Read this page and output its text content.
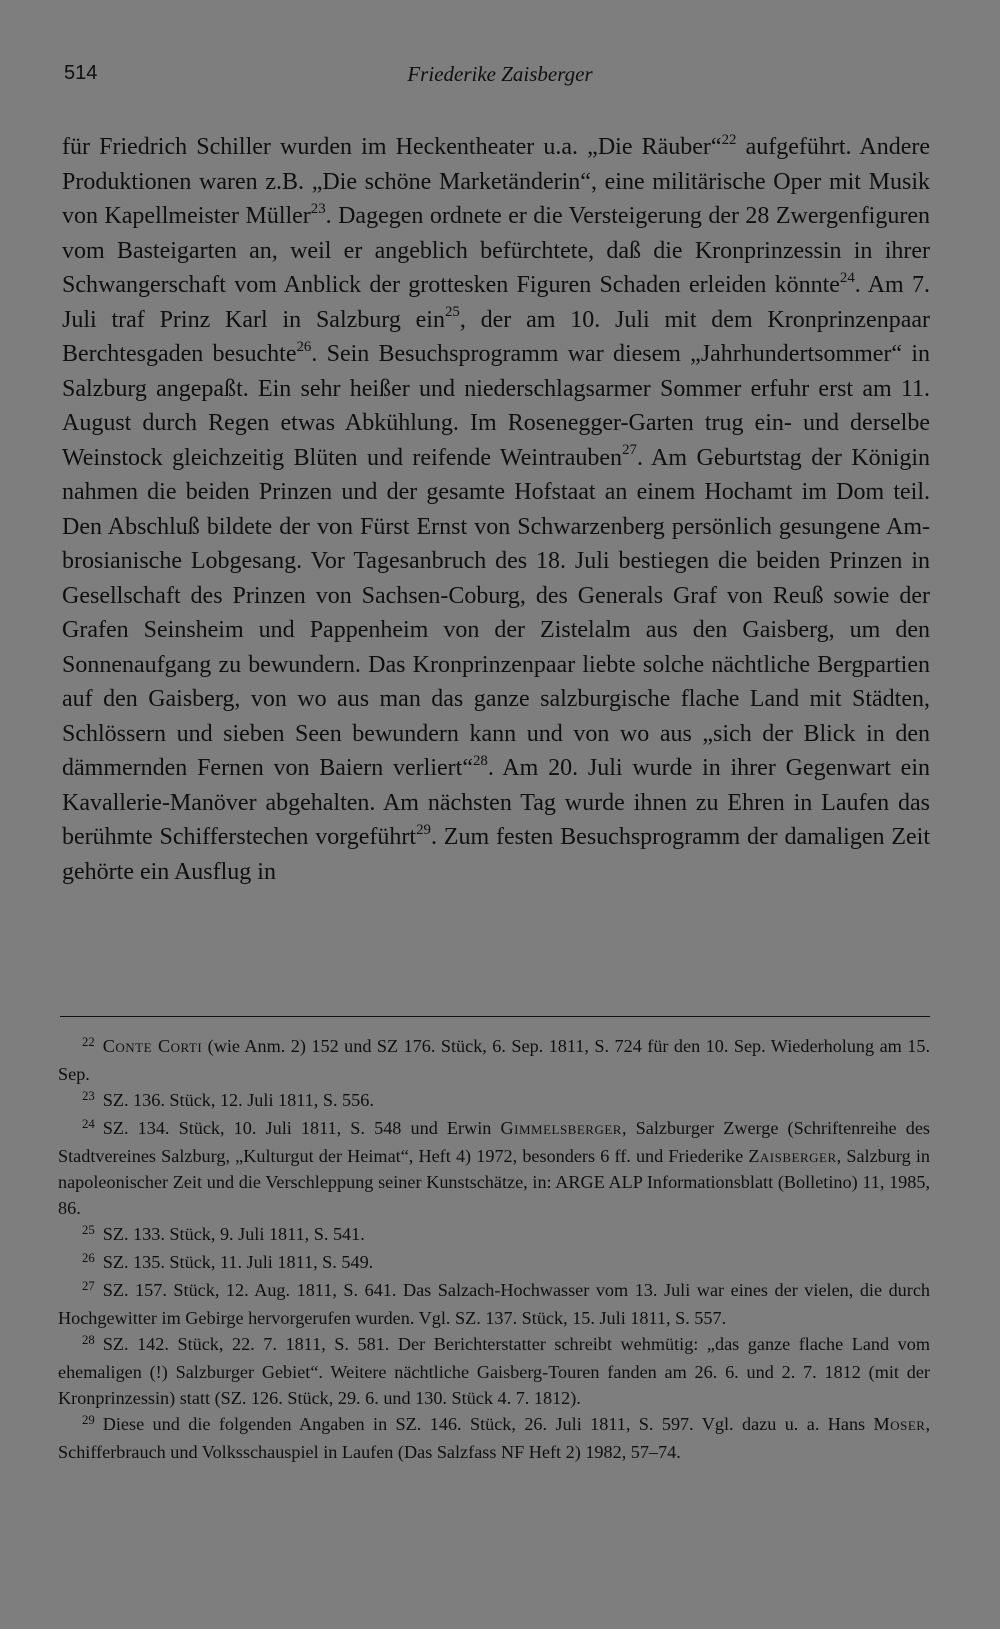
514	Friederike Zaisberger

für Friedrich Schiller wurden im Heckentheater u.a. „Die Räuber“$^{22}$ aufgeführt. Andere Produktionen waren z.B. „Die schöne Marketänderin“, eine militärische Oper mit Musik von Kapellmeister Müller$^{23}$. Dagegen ordnete er die Versteigerung der 28 Zwergenfiguren vom Basteigarten an, weil er angeblich befürchtete, daß die Kronprinzessin in ihrer Schwangerschaft vom Anblick der grottesken Figuren Schaden erleiden könnte$^{24}$. Am 7. Juli traf Prinz Karl in Salzburg ein$^{25}$, der am 10. Juli mit dem Kronprinzenpaar Berchtesgaden besuchte$^{26}$. Sein Besuchsprogramm war diesem „Jahrhundertsommer“ in Salzburg angepaßt. Ein sehr heißer und niederschlagsarmer Sommer erfuhr erst am 11. August durch Regen etwas Abkühlung. Im Rosenegger-Garten trug ein- und derselbe Weinstock gleichzeitig Blüten und reifende Weintrauben$^{27}$. Am Geburtstag der Königin nahmen die beiden Prinzen und der gesamte Hofstaat an einem Hochamt im Dom teil. Den Abschluß bildete der von Fürst Ernst von Schwarzenberg persönlich gesungene Ambrosianische Lobgesang. Vor Tagesanbruch des 18. Juli bestiegen die beiden Prinzen in Gesellschaft des Prinzen von Sachsen-Coburg, des Generals Graf von Reuß sowie der Grafen Seinsheim und Pappenheim von der Zistelalm aus den Gaisberg, um den Sonnenaufgang zu bewundern. Das Kronprinzenpaar liebte solche nächtliche Bergpartien auf den Gaisberg, von wo aus man das ganze salzburgische flache Land mit Städten, Schlössern und sieben Seen bewundern kann und von wo aus „sich der Blick in den dämmernden Fernen von Baiern verliert“$^{28}$. Am 20. Juli wurde in ihrer Gegenwart ein Kavallerie-Manöver abgehalten. Am nächsten Tag wurde ihnen zu Ehren in Laufen das berühmte Schifferstechen vorgeführt$^{29}$. Zum festen Besuchsprogramm der damaligen Zeit gehörte ein Ausflug in

$^{22}$ Conte Corti (wie Anm. 2) 152 und SZ 176. Stück, 6. Sep. 1811, S. 724 für den 10. Sep. Wiederholung am 15. Sep.

$^{23}$ SZ. 136. Stück, 12. Juli 1811, S. 556.

$^{24}$ SZ. 134. Stück, 10. Juli 1811, S. 548 und Erwin Gimmelsberger, Salzburger Zwerge (Schriftenreihe des Stadtvereines Salzburg, „Kulturgut der Heimat“, Heft 4) 1972, besonders 6 ff. und Friederike Zaisberger, Salzburg in napoleonischer Zeit und die Verschleppung seiner Kunstschätze, in: ARGE ALP Informationsblatt (Bolletino) 11, 1985, 86.

$^{25}$ SZ. 133. Stück, 9. Juli 1811, S. 541.

$^{26}$ SZ. 135. Stück, 11. Juli 1811, S. 549.

$^{27}$ SZ. 157. Stück, 12. Aug. 1811, S. 641. Das Salzach-Hochwasser vom 13. Juli war eines der vielen, die durch Hochgewitter im Gebirge hervorgerufen wurden. Vgl. SZ. 137. Stück, 15. Juli 1811, S. 557.

$^{28}$ SZ. 142. Stück, 22. 7. 1811, S. 581. Der Berichterstatter schreibt wehmütig: „das ganze flache Land vom ehemaligen (!) Salzburger Gebiet“. Weitere nächtliche Gaisberg-Touren fanden am 26. 6. und 2. 7. 1812 (mit der Kronprinzessin) statt (SZ. 126. Stück, 29. 6. und 130. Stück 4. 7. 1812).

$^{29}$ Diese und die folgenden Angaben in SZ. 146. Stück, 26. Juli 1811, S. 597. Vgl. dazu u. a. Hans Moser, Schifferbrauch und Volksschauspiel in Laufen (Das Salzfass NF Heft 2) 1982, 57–74.
